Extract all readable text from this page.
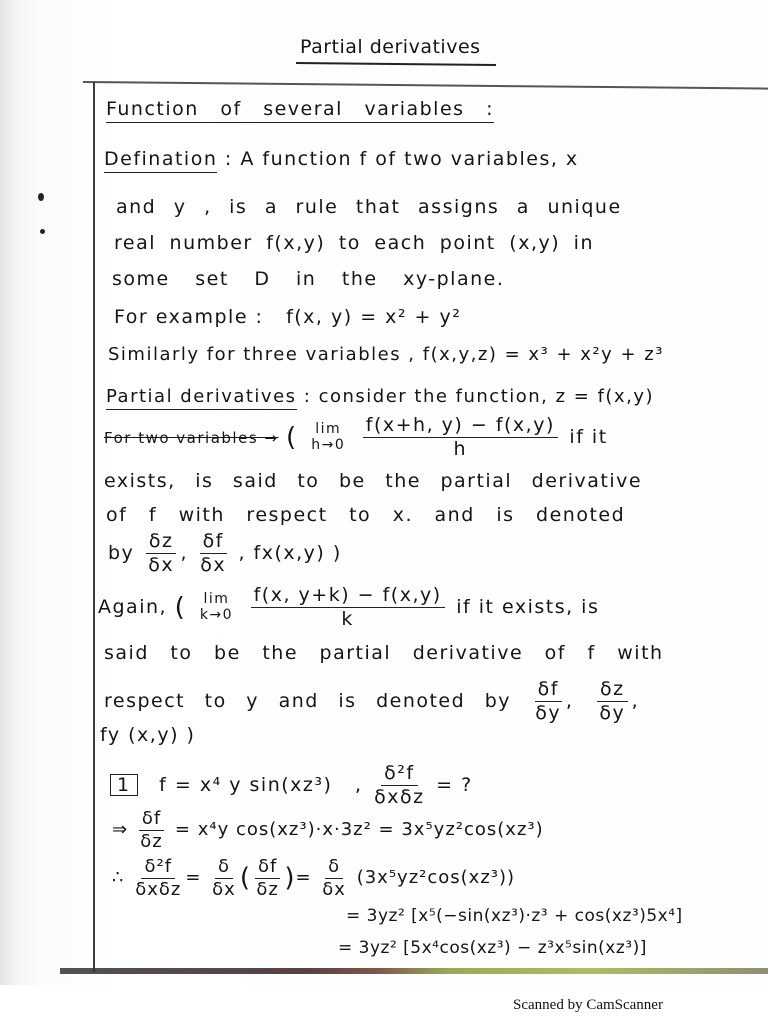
Partial derivatives
Function of several variables :
Defination : A function f of two variables, x
and y , is a rule that assigns a unique
real number f(x,y) to each point (x,y) in
some set D in the xy-plane.
For example : f(x, y) = x² + y²
Similarly for three variables , f(x,y,z) = x³ + x²y + z³
Partial derivatives : consider the function, z = f(x,y)
For two variables → ( lim
h→0
$\frac{f(x+h, y) - f(x,y)}{h}$ if it
exists, is said to be the partial derivative
of f with respect to x. and is denoted
by $\frac{\delta z}{\delta x}$ , $\frac{\delta f}{\delta x}$ , fx(x,y) )
Again, ( lim
k→0
$\frac{f(x, y+k) - f(x,y)}{k}$ if it exists, is
said to be the partial derivative of f with
respect to y and is denoted by $\frac{\delta f}{\delta y}$ , $\frac{\delta z}{\delta y}$ ,
fy (x,y) )
1 f = x⁴ y sin(xz³)   , $\frac{\text{δ²f}}{\text{δxδz}}$ = ?
⇒ $\frac{\delta f}{\delta z} = x^4y$ cos(xz³)·x·3z² = 3x⁵yz²cos(xz³)
∴ $\frac{\text{δ²f}}{\text{δxδz}} = \frac{\delta}{\delta x}$ ( $\frac{\delta f}{\delta z}$ )= $\frac{\delta}{\delta x} (3x^5yz^2\cos(xz^3))$
= 3yz² [x⁵(−sin(xz³)·z³ + cos(xz³)5x⁴]
= 3yz² [5x⁴cos(xz³) − z³x⁵sin(xz³)]
Scanned by CamScanner
